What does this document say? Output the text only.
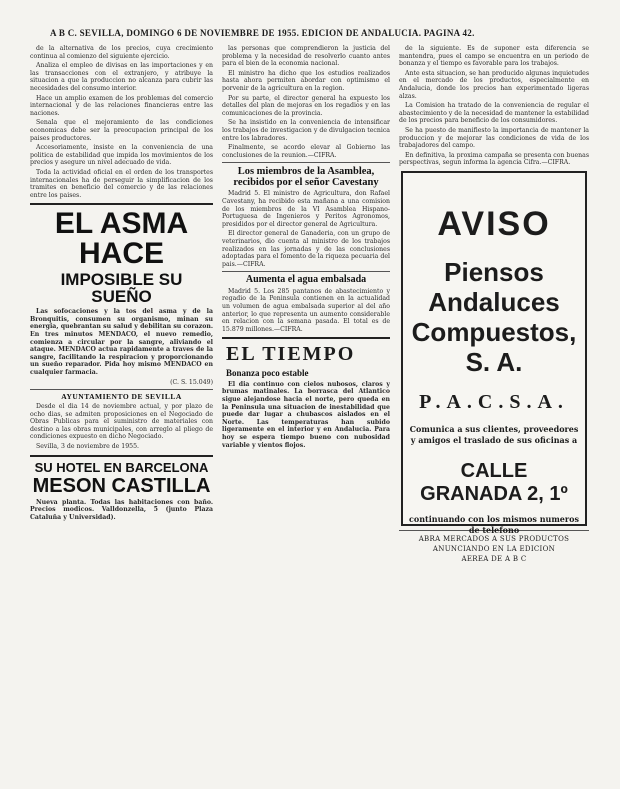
A B C. SEVILLA, DOMINGO 6 DE NOVIEMBRE DE 1955. EDICION DE ANDALUCIA. PAGINA 42.

de la alternativa de los precios, cuya crecimiento continua al comienzo del siguiente ejercicio.

Analiza el empleo de divisas en las importaciones y en las transacciones con el extranjero, y atribuye la situacion a que la produccion no alcanza para cubrir las necesidades del consumo interior.

Hace un amplio examen de los problemas del comercio internacional y de las relaciones financieras entre las naciones.

Senala que el mejoramiento de las condiciones economicas debe ser la preocupacion principal de los paises productores.

Accesoriamente, insiste en la conveniencia de una politica de estabilidad que impida los movimientos de los precios y asegure un nivel adecuado de vida.

Toda la actividad oficial en el orden de los transportes internacionales ha de perseguir la simplificacion de los tramites en beneficio del comercio y de las relaciones entre los paises.

EL ASMA HACE
IMPOSIBLE SU SUEÑO

Las sofocaciones y la tos del asma y de la Bronquitis, consumen su organismo, minan su energia, quebrantan su salud y debilitan su corazon. En tres minutos MENDACO, el nuevo remedio, comienza a circular por la sangre, aliviando el ataque. MENDACO actua rapidamente a traves de la sangre, facilitando la respiracion y proporcionando un sueño reparador. Pida hoy mismo MENDACO en cualquier farmacia.

(C. S. 15.049)

AYUNTAMIENTO DE SEVILLA

Desde el dia 14 de noviembre actual, y por plazo de ocho dias, se admiten proposiciones en el Negociado de Obras Publicas para el suministro de materiales con destino a las obras municipales, con arreglo al pliego de condiciones expuesto en dicho Negociado.

Sevilla, 3 de noviembre de 1955.

SU HOTEL EN BARCELONA
MESON CASTILLA

Nueva planta. Todas las habitaciones con baño. Precios modicos. Valldonzella, 5 (junto Plaza Cataluña y Universidad).

las personas que comprendieron la justicia del problema y la necesidad de resolverlo cuanto antes para el bien de la economia nacional.

El ministro ha dicho que los estudios realizados hasta ahora permiten abordar con optimismo el porvenir de la agricultura en la region.

Por su parte, el director general ha expuesto los detalles del plan de mejoras en los regadios y en las comunicaciones de la provincia.

Se ha insistido en la conveniencia de intensificar los trabajos de investigacion y de divulgacion tecnica entre los labradores.

Finalmente, se acordo elevar al Gobierno las conclusiones de la reunion.—CIFRA.

Los miembros de la Asamblea, recibidos por el señor Cavestany

Madrid 5. El ministro de Agricultura, don Rafael Cavestany, ha recibido esta mañana a una comision de los miembros de la VI Asamblea Hispano-Portuguesa de Ingenieros y Peritos Agronomos, presididos por el director general de Agricultura.

El director general de Ganaderia, con un grupo de veterinarios, dio cuenta al ministro de los trabajos realizados en las jornadas y de las conclusiones adoptadas para el fomento de la riqueza pecuaria del pais.—CIFRA.

Aumenta el agua embalsada

Madrid 5. Los 285 pantanos de abastecimiento y regadio de la Peninsula contienen en la actualidad un volumen de agua embalsada superior al del año anterior, lo que representa un aumento considerable en relacion con la semana pasada. El total es de 15.879 millones.—CIFRA.

EL TIEMPO
Bonanza poco estable

El dia continuo con cielos nubosos, claros y brumas matinales. La borrasca del Atlantico sigue alejandose hacia el norte, pero queda en la Peninsula una situacion de inestabilidad que puede dar lugar a chubascos aislados en el Norte. Las temperaturas han subido ligeramente en el interior y en Andalucia. Para hoy se espera tiempo bueno con nubosidad variable y vientos flojos.

de la siguiente. Es de suponer esta diferencia se mantendra, pues el campo se encuentra en un periodo de bonanza y el tiempo es favorable para los trabajos.

Ante esta situacion, se han producido algunas inquietudes en el mercado de los productos, especialmente en Andalucia, donde los precios han experimentado ligeras alzas.

La Comision ha tratado de la conveniencia de regular el abastecimiento y de la necesidad de mantener la estabilidad de los precios para beneficio de los consumidores.

Se ha puesto de manifiesto la importancia de mantener la produccion y de mejorar las condiciones de vida de los trabajadores del campo.

En definitiva, la proxima campaña se presenta con buenas perspectivas, segun informa la agencia Cifra.—CIFRA.

AVISO
Piensos Andaluces Compuestos, S. A.
P.A.C.S.A.
Comunica a sus clientes, proveedores y amigos el traslado de sus oficinas a
CALLE GRANADA 2, 1º
continuando con los mismos numeros de telefono
ABRA MERCADOS A SUS PRODUCTOS
ANUNCIANDO EN LA EDICION
AEREA DE A B C
